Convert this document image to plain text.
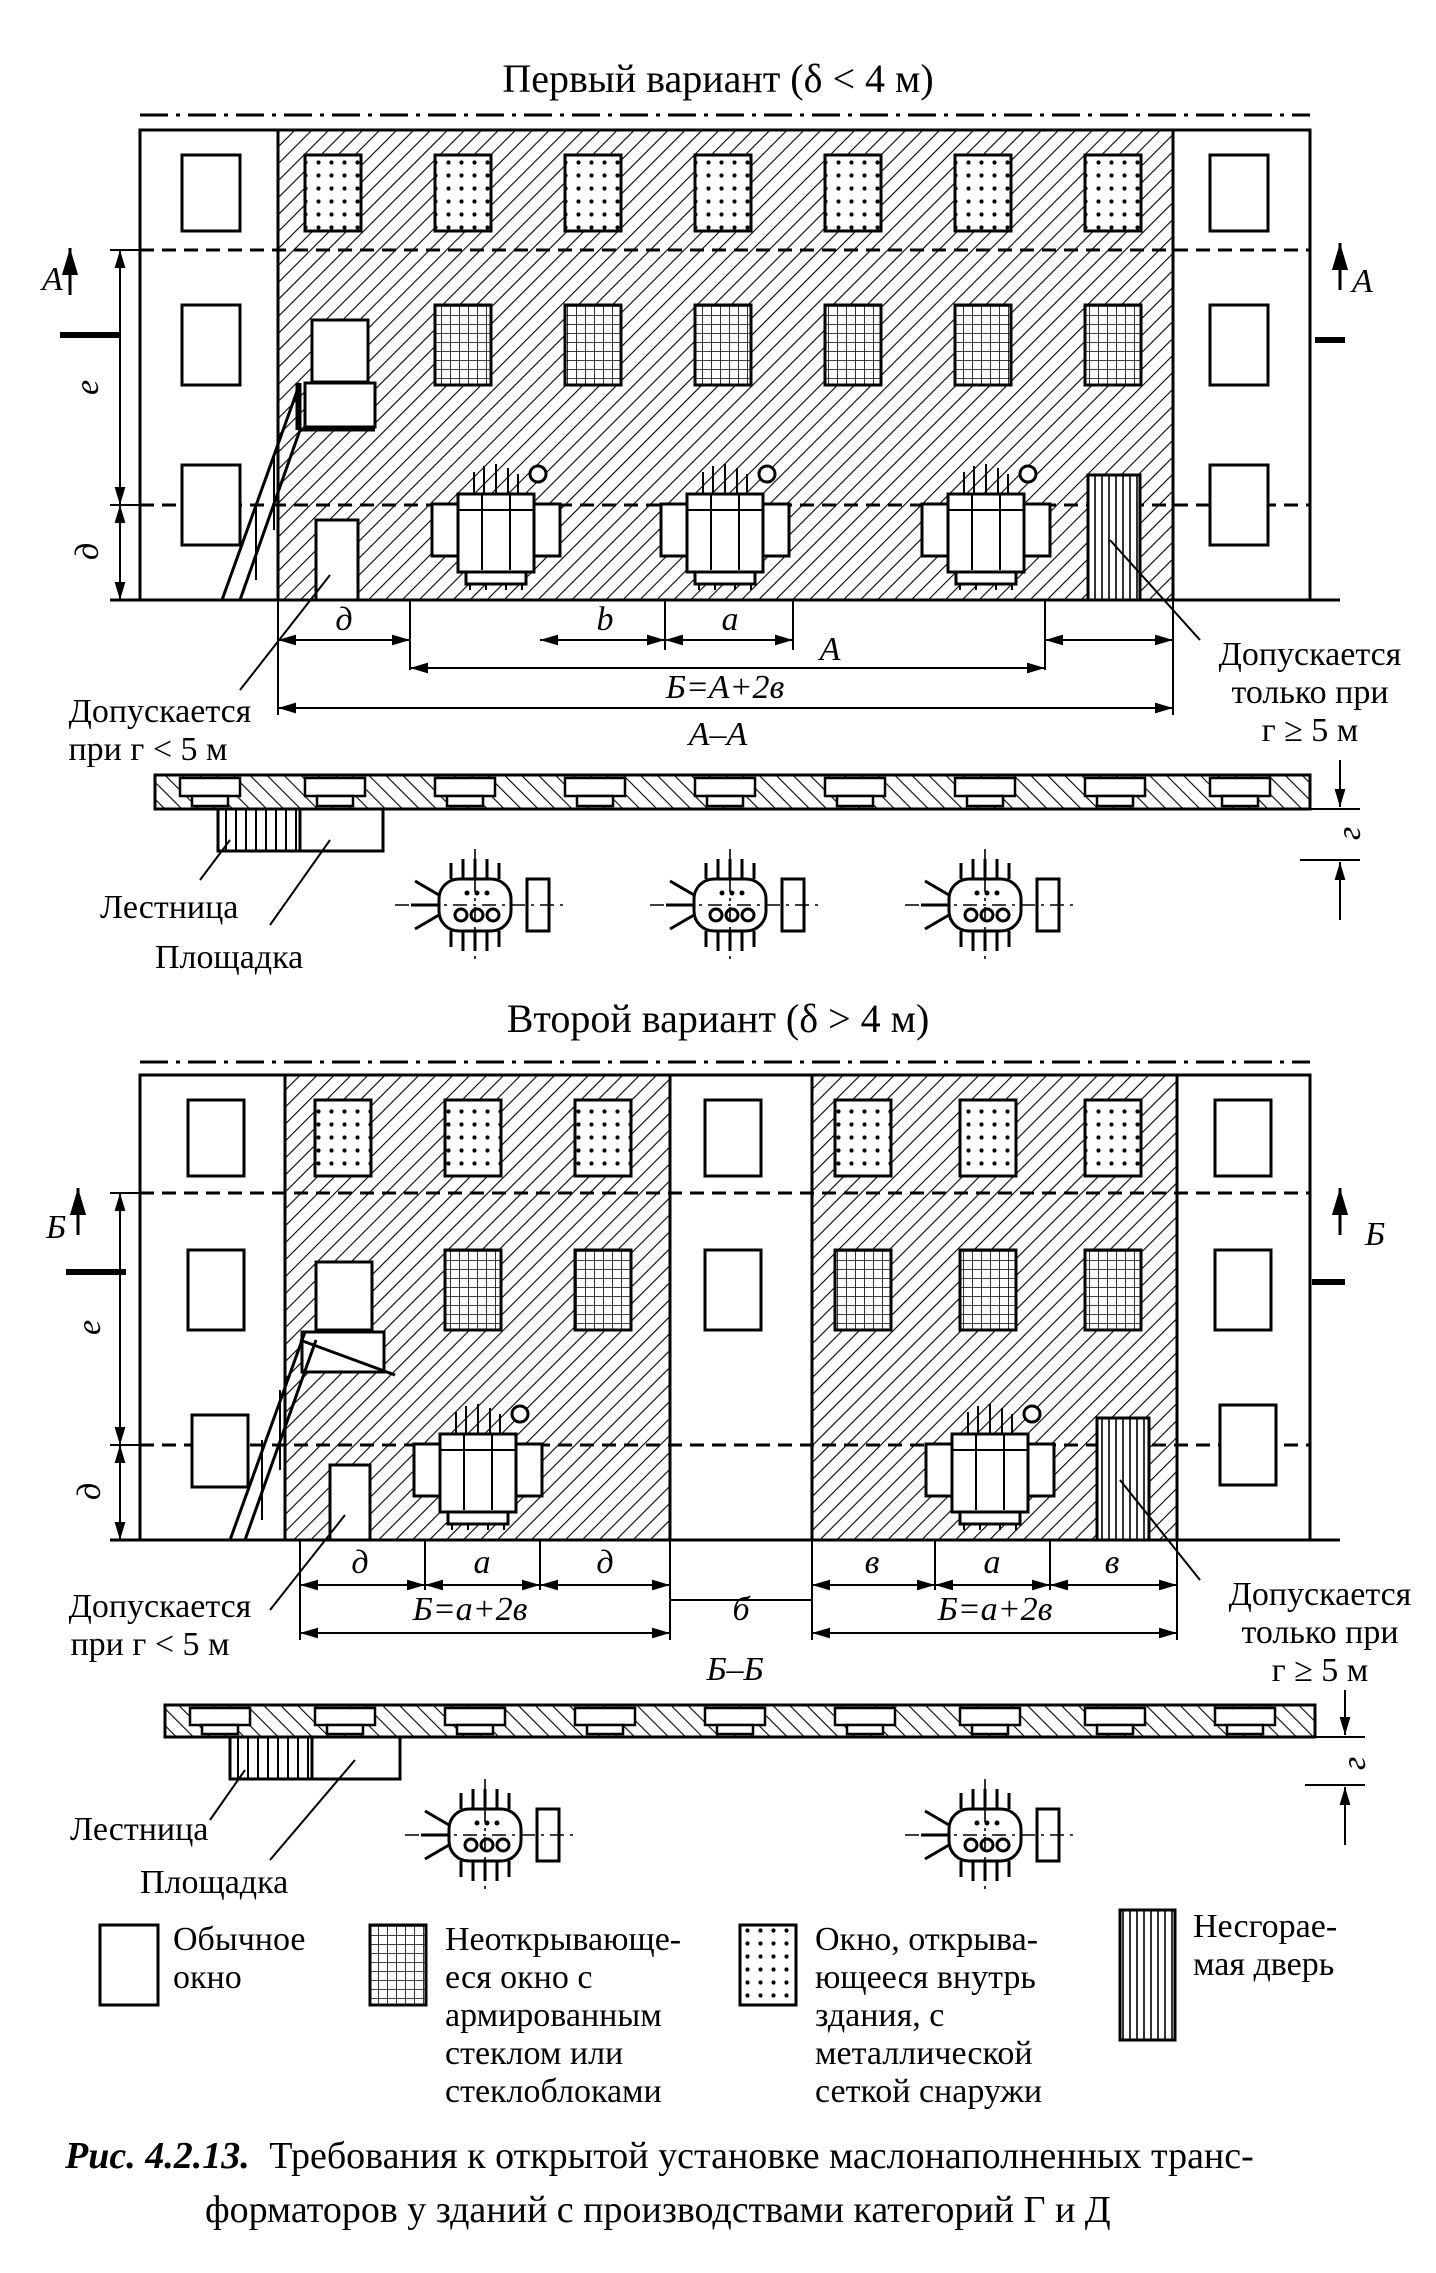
Первый вариант (δ < 4 м)
А	А
е
д
д	b	а
А
Б=А+2в
Допускается
при г < 5 м
Допускается
только при
г ≥ 5 м
А–А
г
Лестница
Площадка
Второй вариант (δ > 4 м)
Б	Б
е
д
д	а	д
б
в	а	в
Б=а+2в	Б=а+2в
Допускается
при г < 5 м
Допускается
только при
г ≥ 5 м
Б–Б
г
Лестница
Площадка
Обычное
окно
Неоткрывающе-
еся окно с
армированным
стеклом или
стеклоблоками
Окно, открыва-
ющееся внутрь
здания, с
металлической
сеткой снаружи
Несгорае-
мая дверь
Рис. 4.2.13. Требования к открытой установке маслонаполненных транс-
форматоров у зданий с производствами категорий Г и Д
